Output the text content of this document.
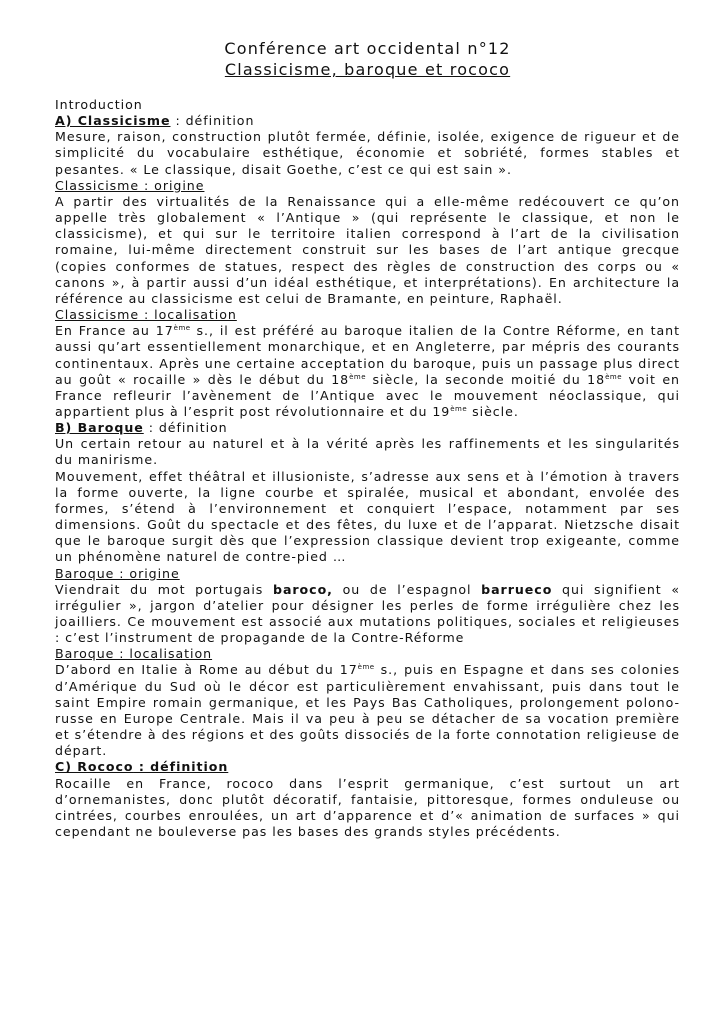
Conférence art occidental n°12
Classicisme, baroque et rococo

Introduction

A) Classicisme : définition

Mesure, raison, construction plutôt fermée, définie, isolée, exigence de rigueur et de simplicité du vocabulaire esthétique, économie et sobriété, formes stables et pesantes. « Le classique, disait Goethe, c’est ce qui est sain ».

Classicisme : origine

A partir des virtualités de la Renaissance qui a elle-même redécouvert ce qu’on appelle très globalement « l’Antique » (qui représente le classique, et non le classicisme), et qui sur le territoire italien correspond à l’art de la civilisation romaine, lui-même directement construit sur les bases de l’art antique grecque (copies conformes de statues, respect des règles de construction des corps ou « canons », à partir aussi d’un idéal esthétique, et interprétations). En architecture la référence au classicisme est celui de Bramante, en peinture, Raphaël.

Classicisme : localisation

En France au 17ème s., il est préféré au baroque italien de la Contre Réforme, en tant aussi qu’art essentiellement monarchique, et en Angleterre, par mépris des courants continentaux. Après une certaine acceptation du baroque, puis un passage plus direct au goût « rocaille » dès le début du 18ème siècle, la seconde moitié du 18ème voit en France refleurir l’avènement de l’Antique avec le mouvement néoclassique, qui appartient plus à l’esprit post révolutionnaire et du 19ème siècle.

B) Baroque : définition

Un certain retour au naturel et à la vérité après les raffinements et les singularités du manirisme.

Mouvement, effet théâtral et illusioniste, s’adresse aux sens et à l’émotion à travers la forme ouverte, la ligne courbe et spiralée, musical et abondant, envolée des formes, s’étend à l’environnement et conquiert l’espace, notamment par ses dimensions. Goût du spectacle et des fêtes, du luxe et de l’apparat. Nietzsche disait que le baroque surgit dès que l’expression classique devient trop exigeante, comme un phénomène naturel de contre-pied …

Baroque : origine

Viendrait du mot portugais baroco, ou de l’espagnol barrueco qui signifient « irrégulier », jargon d’atelier pour désigner les perles de forme irrégulière chez les joailliers. Ce mouvement est associé aux mutations politiques, sociales et religieuses : c’est l’instrument de propagande de la Contre-Réforme

Baroque : localisation

D’abord en Italie à Rome au début du 17ème s., puis en Espagne et dans ses colonies d’Amérique du Sud où le décor est particulièrement envahissant, puis dans tout le saint Empire romain germanique, et les Pays Bas Catholiques, prolongement polono-russe en Europe Centrale. Mais il va peu à peu se détacher de sa vocation première et s’étendre à des régions et des goûts dissociés de la forte connotation religieuse de départ.

C) Rococo : définition

Rocaille en France, rococo dans l’esprit germanique, c’est surtout un art d’ornemanistes, donc plutôt décoratif, fantaisie, pittoresque, formes onduleuse ou cintrées, courbes enroulées, un art d’apparence et d’« animation de surfaces » qui cependant ne bouleverse pas les bases des grands styles précédents.
